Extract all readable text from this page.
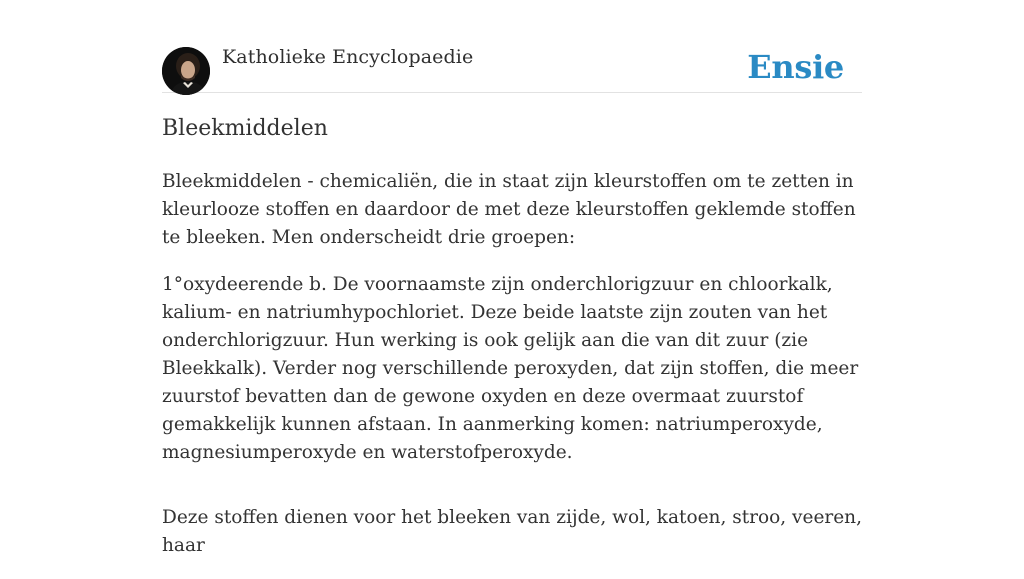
Katholieke Encyclopaedie	Ensie
Bleekmiddelen

Bleekmiddelen - chemicaliën, die in staat zijn kleurstoffen om te zetten in kleurlooze stoffen en daardoor de met deze kleurstoffen geklemde stoffen te bleeken. Men onderscheidt drie groepen:

1°oxydeerende b. De voornaamste zijn onderchlorigzuur en chloorkalk, kalium- en natriumhypochloriet. Deze beide laatste zijn zouten van het onderchlorigzuur. Hun werking is ook gelijk aan die van dit zuur (zie Bleekkalk). Verder nog verschillende peroxyden, dat zijn stoffen, die meer zuurstof bevatten dan de gewone oxyden en deze overmaat zuurstof gemakkelijk kunnen afstaan. In aanmerking komen: natriumperoxyde, magnesiumperoxyde en waterstofperoxyde.

Deze stoffen dienen voor het bleeken van zijde, wol, katoen, stroo, veeren, haar
